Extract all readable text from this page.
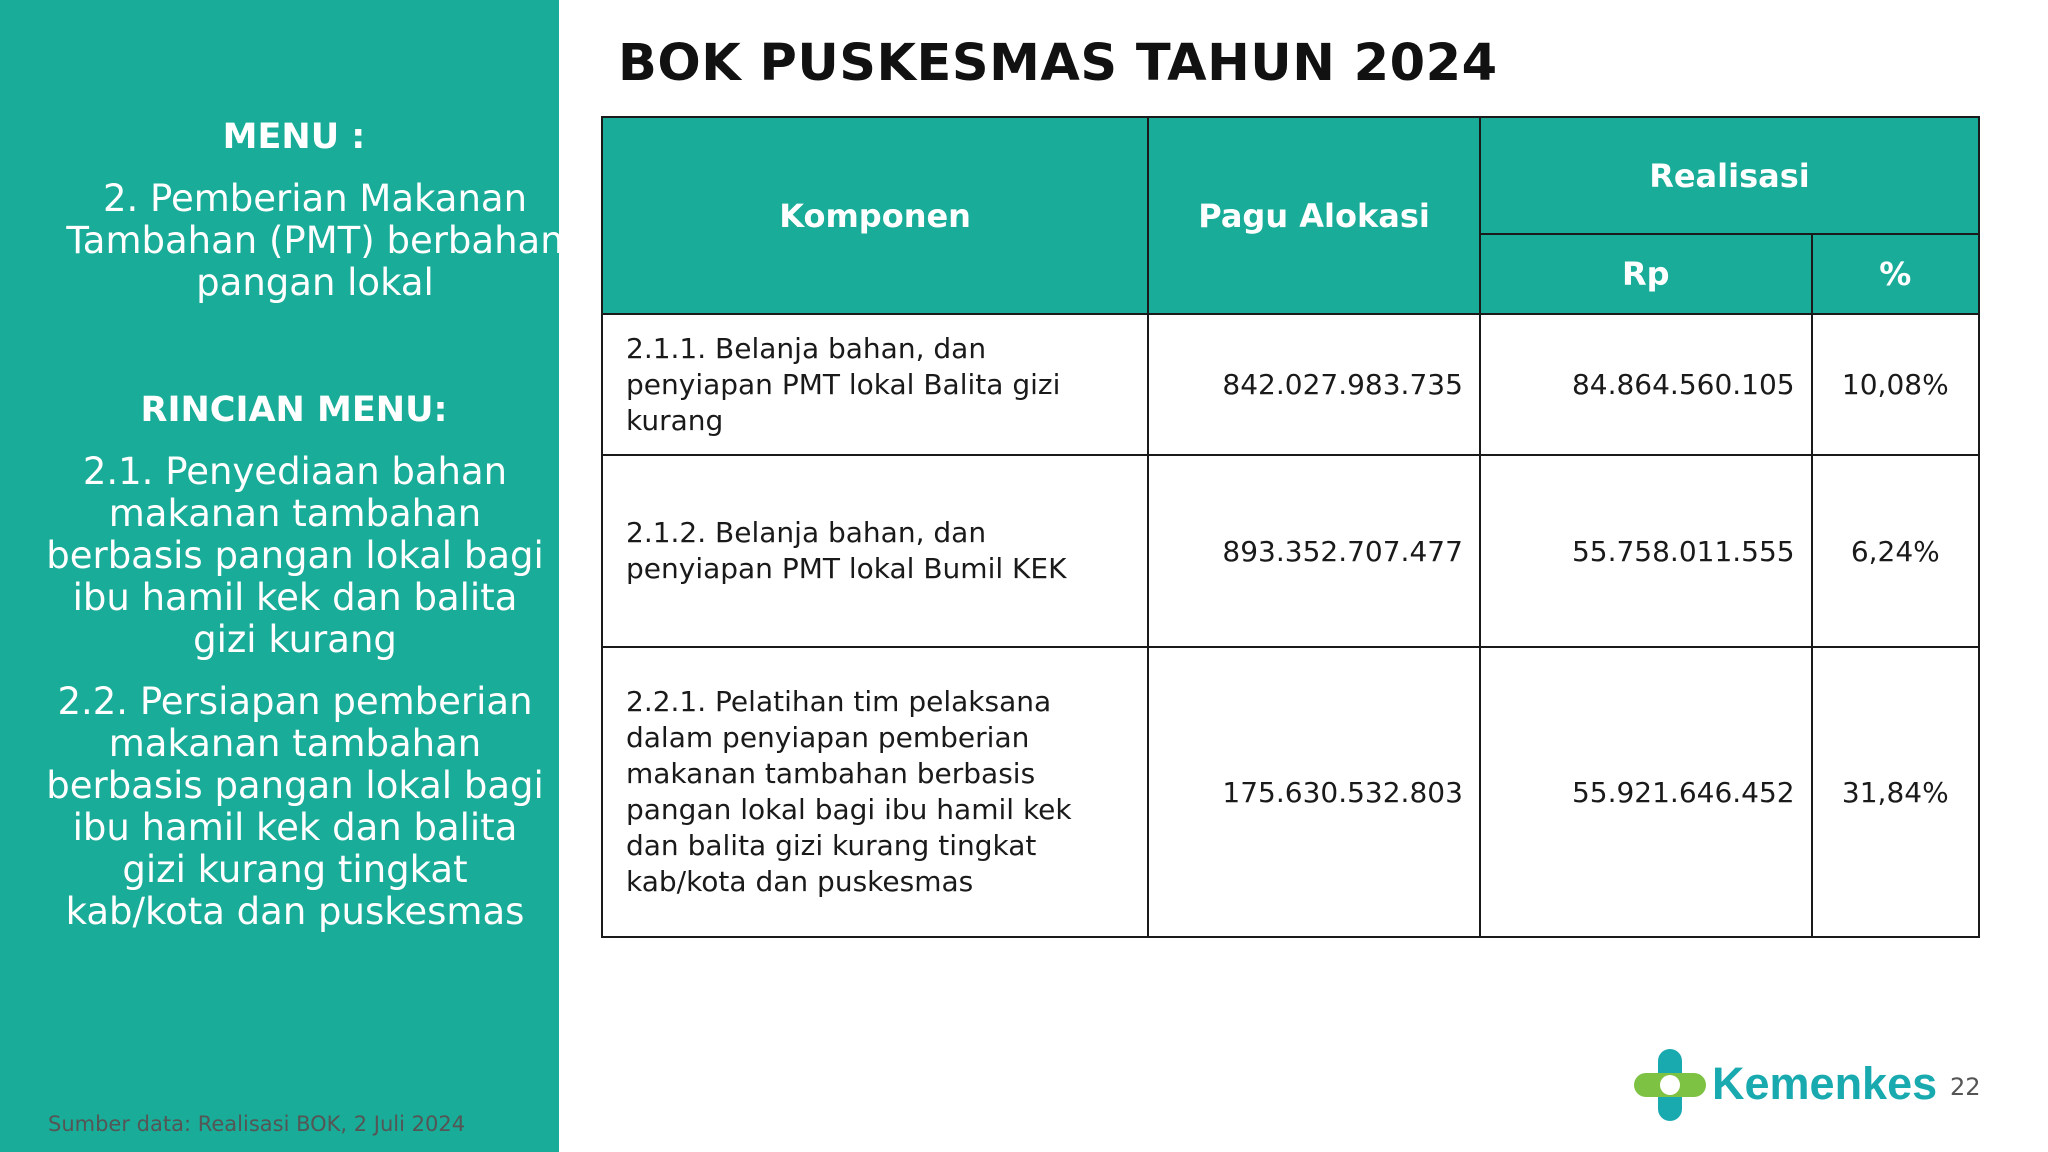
MENU :

2. Pemberian Makanan Tambahan (PMT) berbahan pangan lokal

RINCIAN MENU:

2.1. Penyediaan bahan makanan tambahan berbasis pangan lokal bagi ibu hamil kek dan balita gizi kurang

2.2. Persiapan pemberian makanan tambahan berbasis pangan lokal bagi ibu hamil kek dan balita gizi kurang tingkat kab/kota dan puskesmas

Sumber data: Realisasi BOK, 2 Juli 2024

BOK PUSKESMAS TAHUN 2024
Komponen	Pagu Alokasi	Realisasi	
		Rp	%
2.1.1. Belanja bahan, dan penyiapan PMT lokal Balita gizi kurang	842.027.983.735	84.864.560.105	10,08%
2.1.2. Belanja bahan, dan penyiapan PMT lokal Bumil KEK	893.352.707.477	55.758.011.555	6,24%
2.2.1. Pelatihan tim pelaksana dalam penyiapan pemberian makanan tambahan berbasis pangan lokal bagi ibu hamil kek dan balita gizi kurang tingkat kab/kota dan puskesmas	175.630.532.803	55.921.646.452	31,84%

Kemenkes 22
